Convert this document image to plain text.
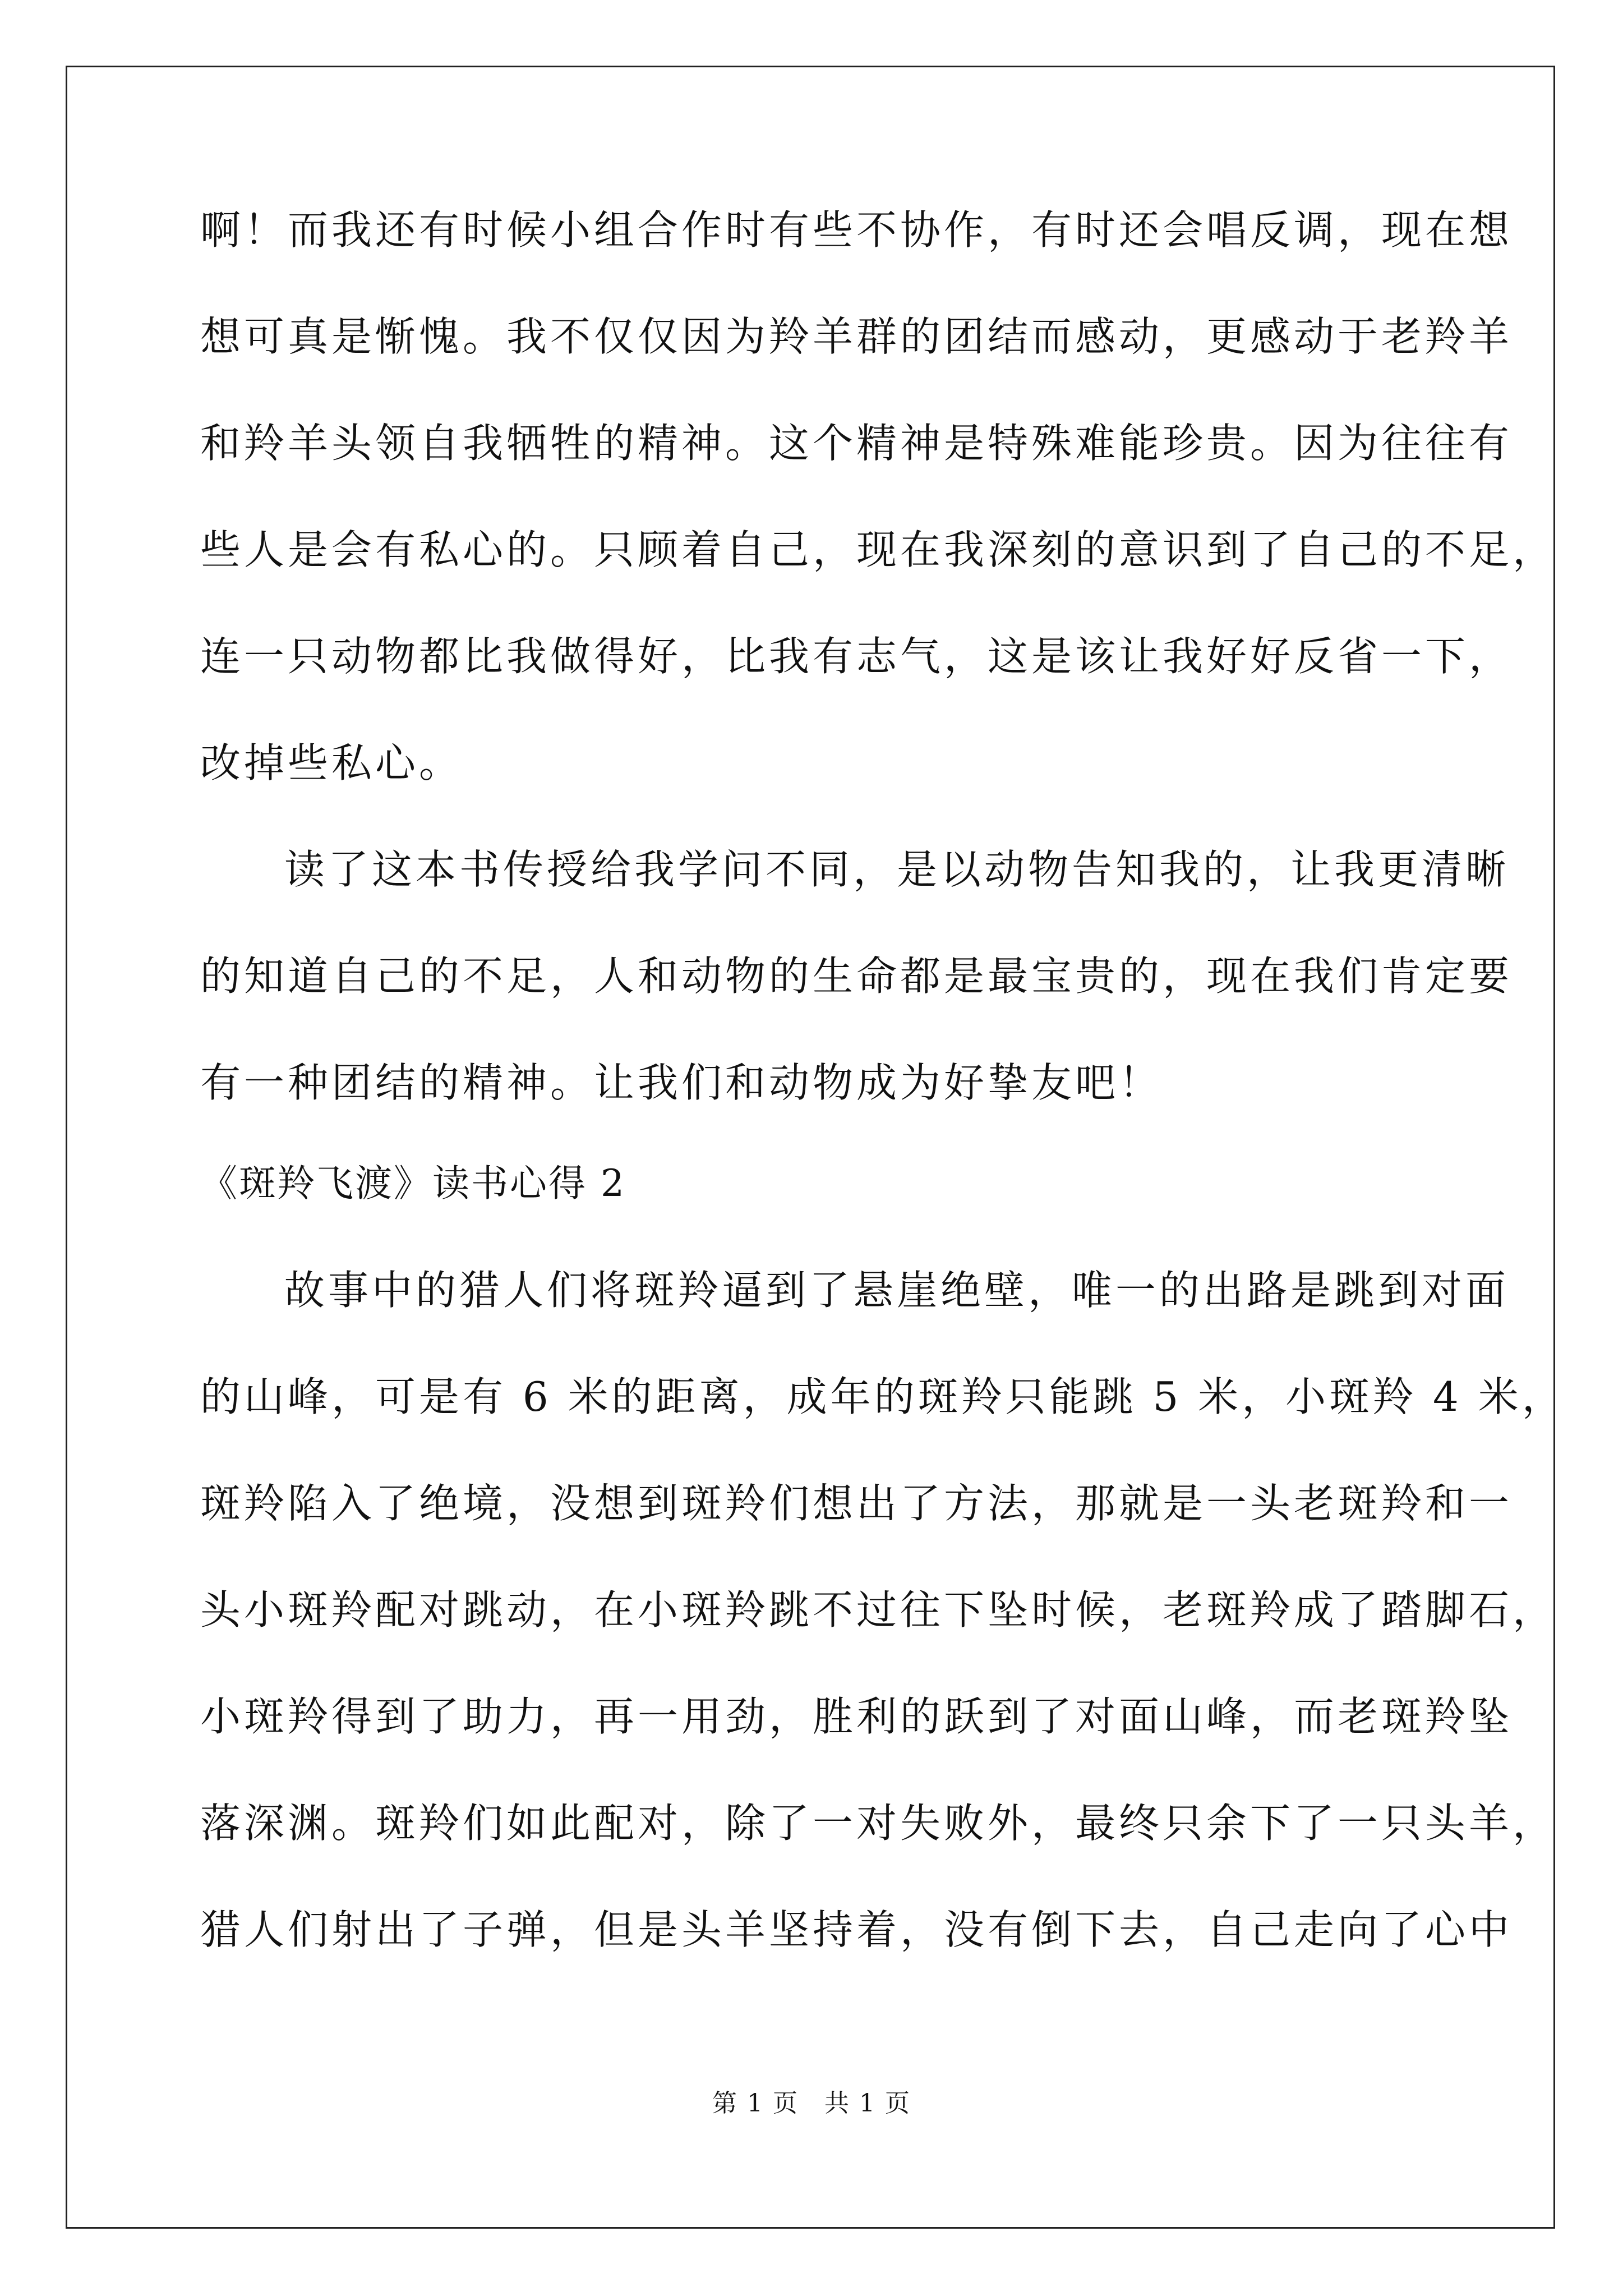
啊！而我还有时候小组合作时有些不协作，有时还会唱反调，现在想
想可真是惭愧。我不仅仅因为羚羊群的团结而感动，更感动于老羚羊
和羚羊头领自我牺牲的精神。这个精神是特殊难能珍贵。因为往往有
些人是会有私心的。只顾着自己，现在我深刻的意识到了自己的不足，
连一只动物都比我做得好，比我有志气，这是该让我好好反省一下，
改掉些私心。
读了这本书传授给我学问不同，是以动物告知我的，让我更清晰
的知道自己的不足，人和动物的生命都是最宝贵的，现在我们肯定要
有一种团结的精神。让我们和动物成为好挚友吧！
《斑羚飞渡》读书心得 2
故事中的猎人们将斑羚逼到了悬崖绝壁，唯一的出路是跳到对面
的山峰，可是有 6 米的距离，成年的斑羚只能跳 5 米，小斑羚 4 米，
斑羚陷入了绝境，没想到斑羚们想出了方法，那就是一头老斑羚和一
头小斑羚配对跳动，在小斑羚跳不过往下坠时候，老斑羚成了踏脚石，
小斑羚得到了助力，再一用劲，胜利的跃到了对面山峰，而老斑羚坠
落深渊。斑羚们如此配对，除了一对失败外，最终只余下了一只头羊，
猎人们射出了子弹，但是头羊坚持着，没有倒下去，自己走向了心中
第 1 页　共 1 页
